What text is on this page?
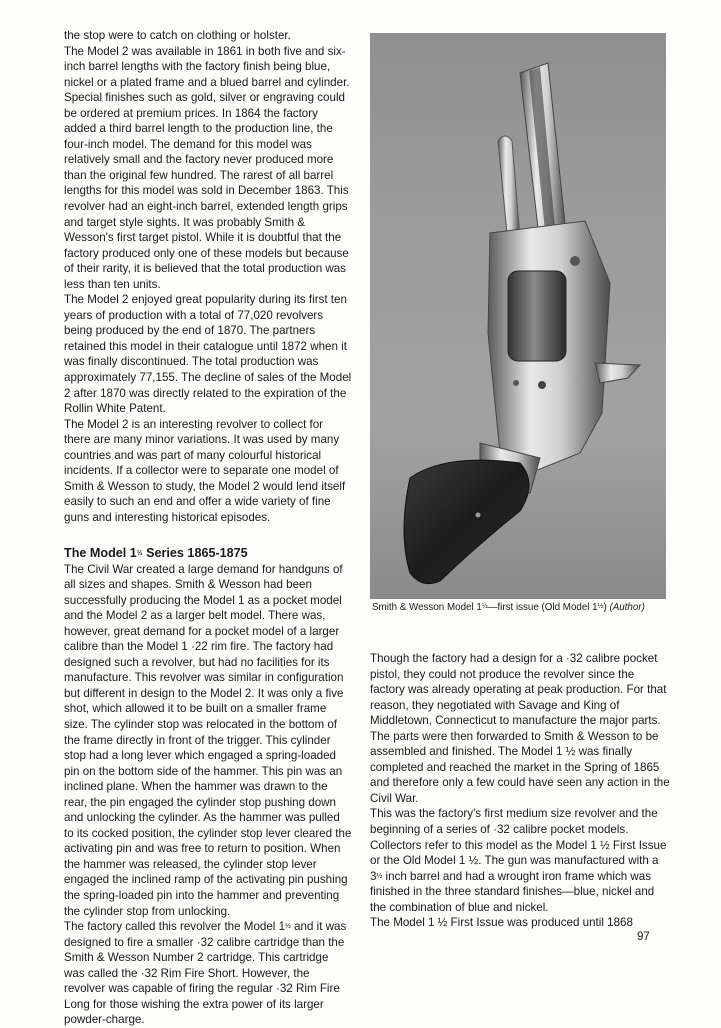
the stop were to catch on clothing or holster.

The Model 2 was available in 1861 in both five and six-inch barrel lengths with the factory finish being blue, nickel or a plated frame and a blued barrel and cylinder. Special finishes such as gold, silver or engraving could be ordered at premium prices. In 1864 the factory added a third barrel length to the production line, the four-inch model. The demand for this model was relatively small and the factory never produced more than the original few hundred. The rarest of all barrel lengths for this model was sold in December 1863. This revolver had an eight-inch barrel, extended length grips and target style sights. It was probably Smith & Wesson's first target pistol. While it is doubtful that the factory produced only one of these models but because of their rarity, it is believed that the total production was less than ten units.

The Model 2 enjoyed great popularity during its first ten years of production with a total of 77,020 revolvers being produced by the end of 1870. The partners retained this model in their catalogue until 1872 when it was finally discontinued. The total production was approximately 77,155. The decline of sales of the Model 2 after 1870 was directly related to the expiration of the Rollin White Patent.

The Model 2 is an interesting revolver to collect for there are many minor variations. It was used by many countries and was part of many colourful historical incidents. If a collector were to separate one model of Smith & Wesson to study, the Model 2 would lend itself easily to such an end and offer a wide variety of fine guns and interesting historical episodes.

The Model 1½ Series 1865-1875

The Civil War created a large demand for handguns of all sizes and shapes. Smith & Wesson had been successfully producing the Model 1 as a pocket model and the Model 2 as a larger belt model. There was, however, great demand for a pocket model of a larger calibre than the Model 1 ·22 rim fire. The factory had designed such a revolver, but had no facilities for its manufacture. This revolver was similar in configuration but different in design to the Model 2. It was only a five shot, which allowed it to be built on a smaller frame size. The cylinder stop was relocated in the bottom of the frame directly in front of the trigger. This cylinder stop had a long lever which engaged a spring-loaded pin on the bottom side of the hammer. This pin was an inclined plane. When the hammer was drawn to the rear, the pin engaged the cylinder stop pushing down and unlocking the cylinder. As the hammer was pulled to its cocked position, the cylinder stop lever cleared the activating pin and was free to return to position. When the hammer was released, the cylinder stop lever engaged the inclined ramp of the activating pin pushing the spring-loaded pin into the hammer and preventing the cylinder stop from unlocking.

The factory called this revolver the Model 1½ and it was designed to fire a smaller ·32 calibre cartridge than the Smith & Wesson Number 2 cartridge. This cartridge was called the ·32 Rim Fire Short. However, the revolver was capable of firing the regular ·32 Rim Fire Long for those wishing the extra power of its larger powder-charge.

Smith & Wesson Model $1^{\frac{1}{2}}—first$ issue (Old Model $1^{\frac{1}{2}}$) (Author)

Though the factory had a design for a ·32 calibre pocket pistol, they could not produce the revolver since the factory was already operating at peak production. For that reason, they negotiated with Savage and King of Middletown, Connecticut to manufacture the major parts. The parts were then forwarded to Smith & Wesson to be assembled and finished. The Model 1 ½ was finally completed and reached the market in the Spring of 1865 and therefore only a few could have seen any action in the Civil War.

This was the factory's first medium size revolver and the beginning of a series of ·32 calibre pocket models. Collectors refer to this model as the Model 1 ½ First Issue or the Old Model 1 ½. The gun was manufactured with a 3½ inch barrel and had a wrought iron frame which was finished in the three standard finishes—blue, nickel and the combination of blue and nickel.

The Model 1 ½ First Issue was produced until 1868

97
